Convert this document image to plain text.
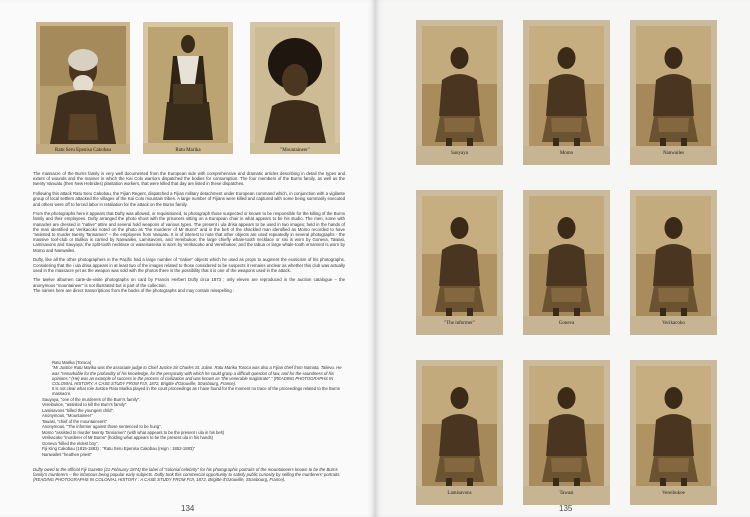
Ratu Seru Epenisa Cakobau	Ratu Marika	"Mountaineer"

The massacre of the Burns family is very well documented from the European side with comprehensive and dramatic articles describing in detail the types and extent of wounds and the manner in which the Kai Colo warriors dispatched the bodies for consumption. The four members of the Burns family, as well as the twenty Vanuatu (then New Hebrides) plantation workers, that were killed that day are listed in these dispatches.

Following this attack Ratu Seru Cakobau, the Fijian Regent, dispatched a Fijian military detachment under European command which, in conjunction with a vigilante group of local settlers attacked the villages of the Kai Colo mountain tribes. A large number of Fijians were killed and captured with some being summarily executed and others were off to forced labor in retaliation for the attack on the Burns family.

From the photographs here it appears that Dufty was allowed, or requisitioned, to photograph those suspected or known to be responsible for the killing of the Burns family and their employees. Dufty arranged the photo shoot with the prisoners sitting on a European chair in what appears to be his studio. The men, some with manacles are dressed in "native" attire and several hold weapons of various types. The present i ula drisa appears to be used in two images; held in the hands of the man identified as Verikacoko noted on the photo as "the murderer of Mr Burns" and in the belt of the shackled man identified as Momo recorded to have "assisted to murder twenty Tannamen" – the employees from Vanuatu. It is of interest to note that other objects are used repeatedly in several photographs - the massive roof-club or Bulikia is carried by Nanwailes, Lamisavons, and Vereibukoe; the large chiefly whale-tooth necklace or sisi is worn by Goneva, Tawasi, Lamisavons and Sauyaya; the split-tooth necklace or waseisaseisa is worn by Verikacoko and Vereibukoe; and the tabua or large whale-tooth ornament is worn by Momo and Nanwailes.

Dufty, like all the other photographers in the Pacific had a large number of "native" objects which he used as props to augment the exoticism of his photographs. Considering that the i ula drisa appears in at least two of the images related to those considered to be suspects it remains unclear as whether this club was actually used in the massacre yet as the weapon was sold with the photos there is the possibility that it is one of the weapons used in the attack.

The twelve albumen carte-de-visite photographs on card by Francis Herbert Dufty circa 1873 ; only eleven are reproduced in the auction catalogue – the anonymous "mountaineer" is not illustrated but is part of the collection.

The names here are direct transcriptions from the backs of the photographs and may contain misspelling :

Ratu Marika (Toroca)
"Mr Justice Ratu Marika was the associate judge to Chief Justice Sir Charles St. Julian. Ratu Marika Toroca was also a Fijian chief from Namata, Tailevu. He was "remarkable for the profundity of his knowledge, for the perspicuity with which he could grasp a difficult question of law, and for the soundness of his opinions." (He) was an example of success in the process of civilization and was known as "the venerable magistrate"." (READING PHOTOGRAPHS IN COLONIAL HISTORY: A CASE STUDY FROM FIJI, 1872, Brigitte d'Ozouville, Strasbourg, France).
It is not clear what role Justice Ratu Marika played in the court proceedings as I have found for the moment no trace of the proceedings related to the Burns massacre.
Sauyaya, "one of the murderers of the Burn's family".
Vereibukoe, "assisted to kill the Burn's family".
Lamisavons "killed the youngest child".
Anonymous, "Mountaineer"
Tawasi, "chief of the mountaineers"
Anonymous, "The informer against those sentenced to be hung".
Momo "assisted to murder twenty Tannamen" (with what appears to be the present i ula in his belt)
Verikacoko "murderer of Mr Burns" (holding what appears to be the present ula in his hands)
Goneva "killed the eldest boy".
Fiji King Cakobau (1815-1883) : "Ratu Seru Epenisa Cakobau (reign : 1852-1883)"
Nanwailes "heathen priest"
Dufty owed to the official Fiji Gazette (21 February 1874) the label of "colonial celebrity" for his photographic portraits of the mountaineers known to be the Burns family's murderers – the infamous being popular early subjects. Dufty took this commercial opportunity to satisfy public curiosity by selling the murderers' portraits. (READING PHOTOGRAPHS IN COLONIAL HISTORY : A CASE STUDY FROM FIJI, 1872, Brigitte d'Ozouville, Strasbourg, France).
134
Sauyaya	Momo	Nanwailes
"The informer"	Goneva	Verikacoko
Lamisavons	Tawasi	Vereibukoe
135
